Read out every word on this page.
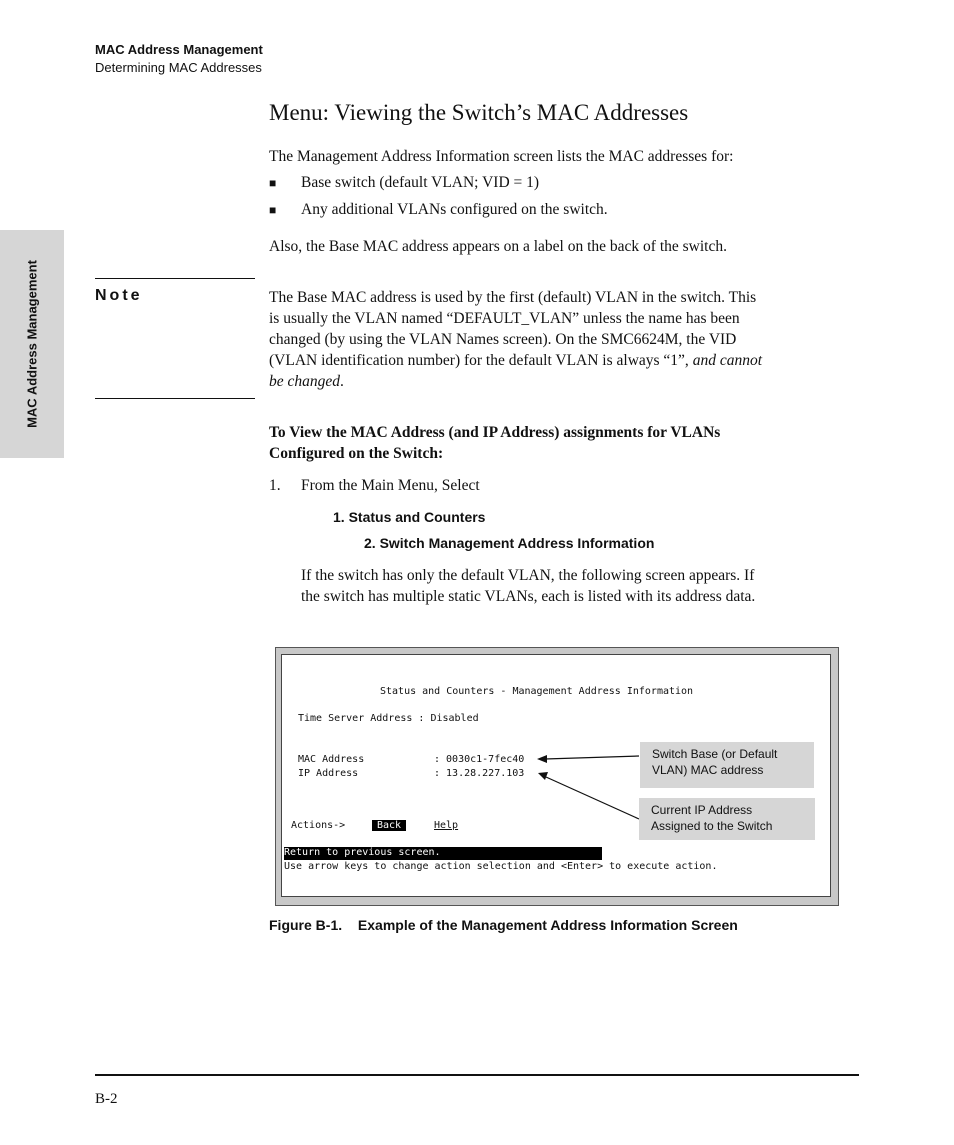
MAC Address Management
Determining MAC Addresses
MAC Address Management
Menu: Viewing the Switch’s MAC Addresses
The Management Address Information screen lists the MAC addresses for:
■ Base switch (default VLAN; VID = 1)
■ Any additional VLANs configured on the switch.
Also, the Base MAC address appears on a label on the back of the switch.
Note	The Base MAC address is used by the first (default) VLAN in the switch. This
is usually the VLAN named “DEFAULT_VLAN” unless the name has been
changed (by using the VLAN Names screen). On the SMC6624M, the VID
(VLAN identification number) for the default VLAN is always “1”, and cannot
be changed.
To View the MAC Address (and IP Address) assignments for VLANs
Configured on the Switch:
1. From the Main Menu, Select
1. Status and Counters
2. Switch Management Address Information
If the switch has only the default VLAN, the following screen appears. If
the switch has multiple static VLANs, each is listed with its address data.
Status and Counters - Management Address Information
Time Server Address : Disabled
MAC Address	: 0030c1-7fec40
IP Address	: 13.28.227.103
Actions->	Back	Help
Return to previous screen.
Use arrow keys to change action selection and <Enter> to execute action.
Switch Base (or Default
VLAN) MAC address
Current IP Address
Assigned to the Switch
Figure B-1. Example of the Management Address Information Screen
B-2
